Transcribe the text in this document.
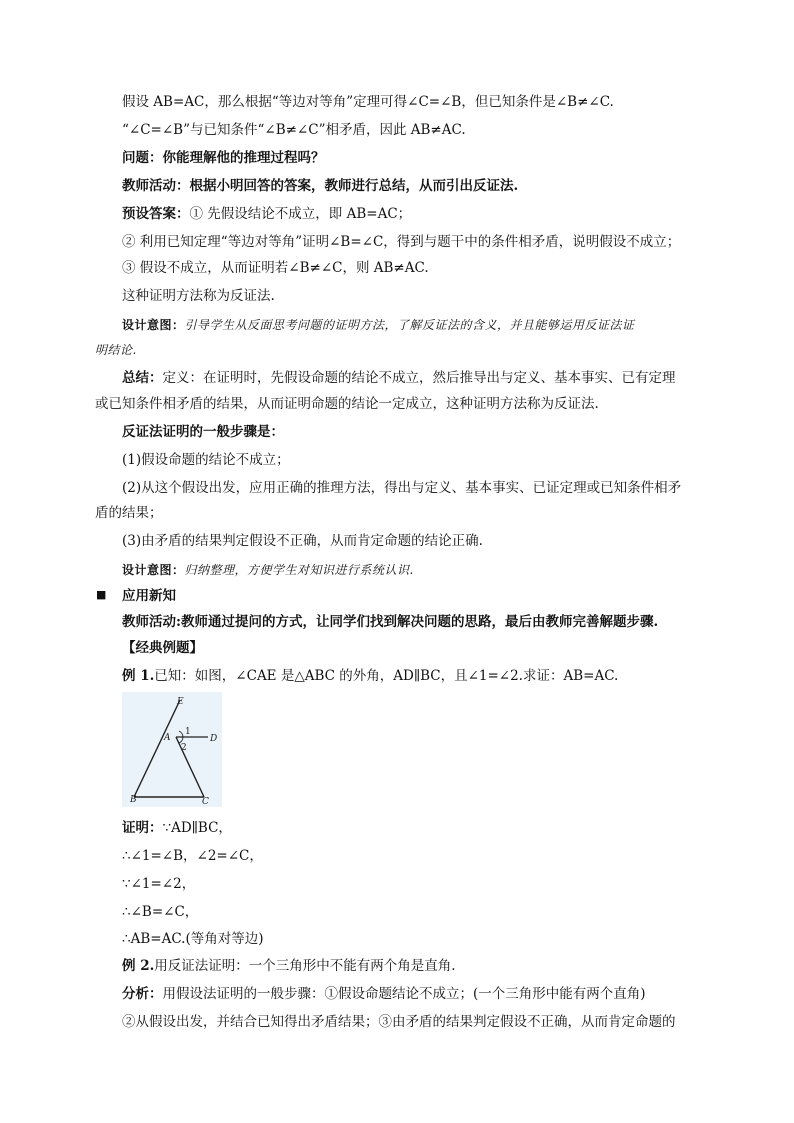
假设 AB=AC，那么根据“等边对等角”定理可得∠C=∠B，但已知条件是∠B≠∠C.
“∠C=∠B”与已知条件“∠B≠∠C”相矛盾，因此 AB≠AC.
问题：你能理解他的推理过程吗？
教师活动：根据小明回答的答案，教师进行总结，从而引出反证法.
预设答案：① 先假设结论不成立，即 AB=AC；
② 利用已知定理“等边对等角”证明∠B=∠C，得到与题干中的条件相矛盾，说明假设不成立；
③ 假设不成立，从而证明若∠B≠∠C，则 AB≠AC.
这种证明方法称为反证法.
设计意图：引导学生从反面思考问题的证明方法，了解反证法的含义，并且能够运用反证法证
明结论.
总结：定义：在证明时，先假设命题的结论不成立，然后推导出与定义、基本事实、已有定理
或已知条件相矛盾的结果，从而证明命题的结论一定成立，这种证明方法称为反证法.
反证法证明的一般步骤是：
(1)假设命题的结论不成立；
(2)从这个假设出发，应用正确的推理方法，得出与定义、基本事实、已证定理或已知条件相矛
盾的结果；
(3)由矛盾的结果判定假设不正确，从而肯定命题的结论正确.
设计意图：归纳整理，方便学生对知识进行系统认识.
■ 应用新知
教师活动:教师通过提问的方式，让同学们找到解决问题的思路，最后由教师完善解题步骤.
【经典例题】
例 1.已知：如图，∠CAE 是△ABC 的外角，AD∥BC，且∠1=∠2.求证：AB=AC.
E
A	D
B	C
1
2
证明：∵AD∥BC，
∴∠1=∠B，∠2=∠C，
∵∠1=∠2，
∴∠B=∠C，
∴AB=AC.(等角对等边)
例 2.用反证法证明：一个三角形中不能有两个角是直角.
分析：用假设法证明的一般步骤：①假设命题结论不成立；(一个三角形中能有两个直角)
②从假设出发，并结合已知得出矛盾结果；③由矛盾的结果判定假设不正确，从而肯定命题的
